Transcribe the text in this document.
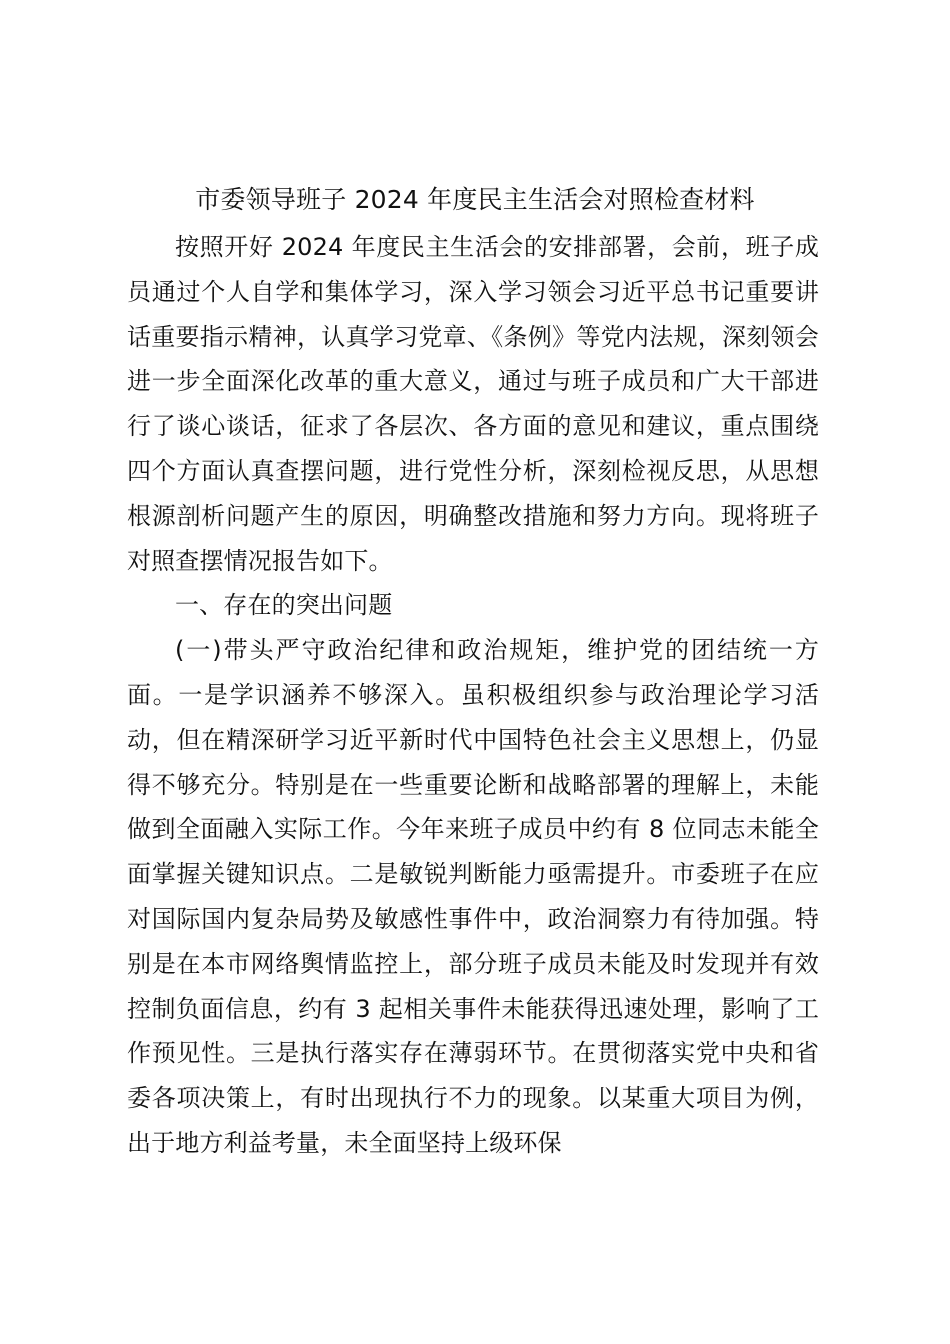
市委领导班子 2024 年度民主生活会对照检查材料

按照开好 2024 年度民主生活会的安排部署，会前，班子成员通过个人自学和集体学习，深入学习领会习近平总书记重要讲话重要指示精神，认真学习党章、《条例》等党内法规，深刻领会进一步全面深化改革的重大意义，通过与班子成员和广大干部进行了谈心谈话，征求了各层次、各方面的意见和建议，重点围绕四个方面认真查摆问题，进行党性分析，深刻检视反思，从思想根源剖析问题产生的原因，明确整改措施和努力方向。现将班子对照查摆情况报告如下。

一、存在的突出问题

(一)带头严守政治纪律和政治规矩，维护党的团结统一方面。一是学识涵养不够深入。虽积极组织参与政治理论学习活动，但在精深研学习近平新时代中国特色社会主义思想上，仍显得不够充分。特别是在一些重要论断和战略部署的理解上，未能做到全面融入实际工作。今年来班子成员中约有 8 位同志未能全面掌握关键知识点。二是敏锐判断能力亟需提升。市委班子在应对国际国内复杂局势及敏感性事件中，政治洞察力有待加强。特别是在本市网络舆情监控上，部分班子成员未能及时发现并有效控制负面信息，约有 3 起相关事件未能获得迅速处理，影响了工作预见性。三是执行落实存在薄弱环节。在贯彻落实党中央和省委各项决策上，有时出现执行不力的现象。以某重大项目为例，出于地方利益考量，未全面坚持上级环保
